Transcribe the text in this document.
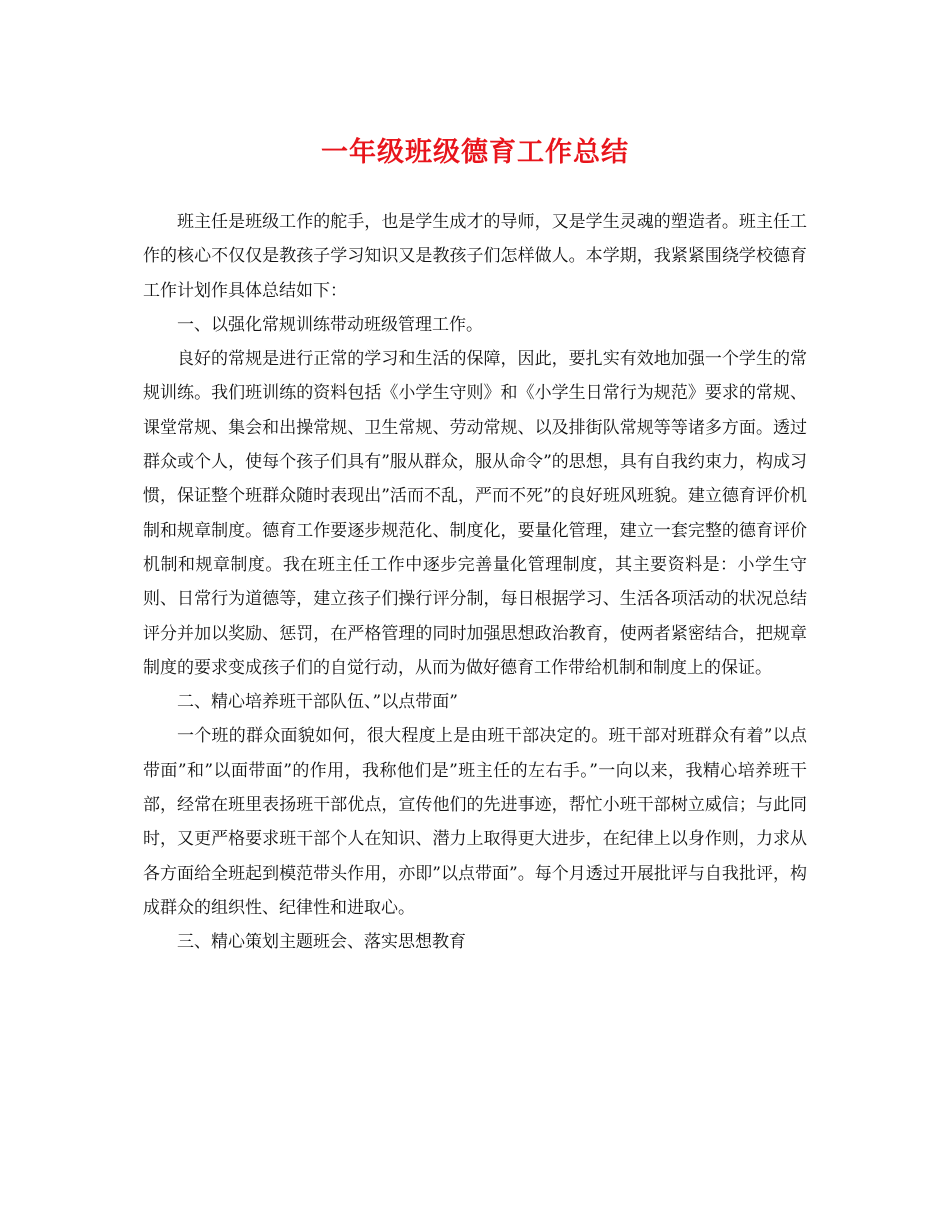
一年级班级德育工作总结

班主任是班级工作的舵手，也是学生成才的导师，又是学生灵魂的塑造者。班主任工作的核心不仅仅是教孩子学习知识又是教孩子们怎样做人。本学期，我紧紧围绕学校德育工作计划作具体总结如下：

一、以强化常规训练带动班级管理工作。

良好的常规是进行正常的学习和生活的保障，因此，要扎实有效地加强一个学生的常规训练。我们班训练的资料包括《小学生守则》和《小学生日常行为规范》要求的常规、课堂常规、集会和出操常规、卫生常规、劳动常规、以及排街队常规等等诸多方面。透过群众或个人，使每个孩子们具有”服从群众，服从命令”的思想，具有自我约束力，构成习惯，保证整个班群众随时表现出”活而不乱，严而不死”的良好班风班貌。建立德育评价机制和规章制度。德育工作要逐步规范化、制度化，要量化管理，建立一套完整的德育评价机制和规章制度。我在班主任工作中逐步完善量化管理制度，其主要资料是：小学生守则、日常行为道德等，建立孩子们操行评分制，每日根据学习、生活各项活动的状况总结评分并加以奖励、惩罚，在严格管理的同时加强思想政治教育，使两者紧密结合，把规章制度的要求变成孩子们的自觉行动，从而为做好德育工作带给机制和制度上的保证。

二、精心培养班干部队伍、”以点带面”

一个班的群众面貌如何，很大程度上是由班干部决定的。班干部对班群众有着”以点带面”和”以面带面”的作用，我称他们是”班主任的左右手。”一向以来，我精心培养班干部，经常在班里表扬班干部优点，宣传他们的先进事迹，帮忙小班干部树立威信；与此同时，又更严格要求班干部个人在知识、潜力上取得更大进步，在纪律上以身作则，力求从各方面给全班起到模范带头作用，亦即”以点带面”。每个月透过开展批评与自我批评，构成群众的组织性、纪律性和进取心。

三、精心策划主题班会、落实思想教育
